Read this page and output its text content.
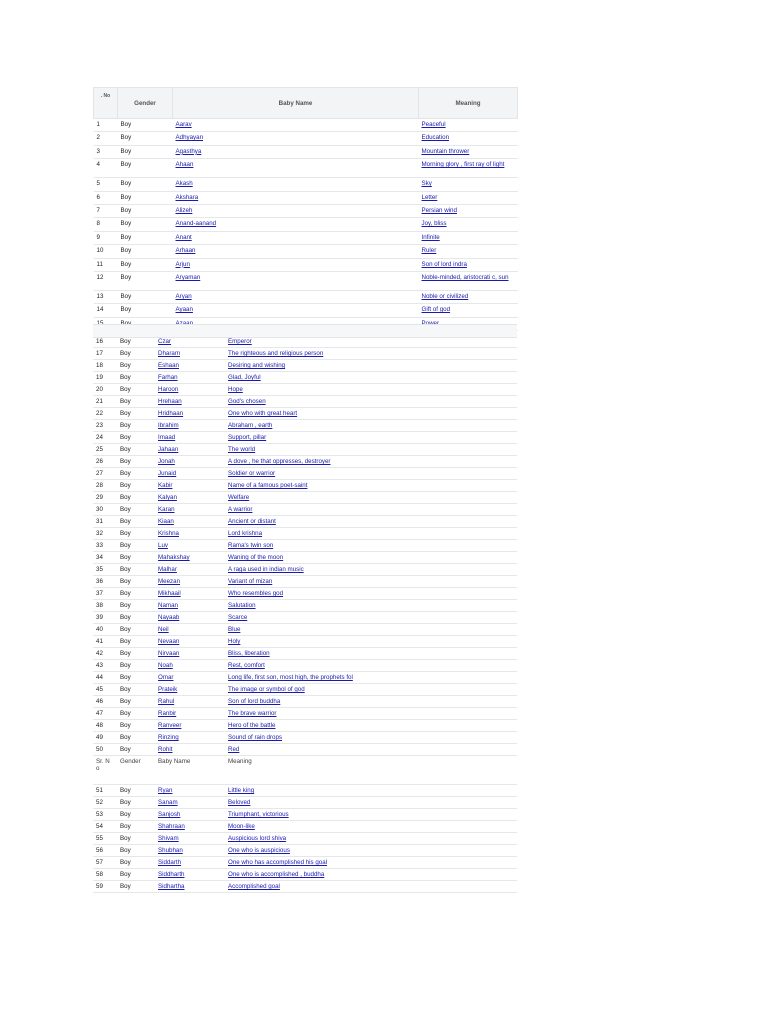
. No	Gender	Baby Name	Meaning
1	Boy	Aarav	Peaceful
2	Boy	Adhyayan	Education
3	Boy	Agasthya	Mountain thrower
4	Boy	Ahaan	Morning glory , first ray of light
5	Boy	Akash	Sky
6	Boy	Akshara	Letter
7	Boy	Alizeh	Persian wind
8	Boy	Anand-aanand	Joy, bliss
9	Boy	Anant	Infinite
10	Boy	Arhaan	Ruler
11	Boy	Arjun	Son of lord indra
12	Boy	Aryaman	Noble-minded, aristocrati c, sun
13	Boy	Aryan	Noble or civilized
14	Boy	Ayaan	Gift of god

16	Boy	Czar	Emperor
17	Boy	Dharam	The righteous and religious person
18	Boy	Eshaan	Desiring and wishing
19	Boy	Farhan	Glad, Joyful
20	Boy	Haroon	Hope
21	Boy	Hrehaan	God's chosen
22	Boy	Hridhaan	One who with great heart
23	Boy	Ibrahim	Abraham , earth
24	Boy	Imaad	Support, pillar
25	Boy	Jahaan	The world
26	Boy	Jonah	A dove , he that oppresses, destroyer
27	Boy	Junaid	Soldier or warrior
28	Boy	Kabir	Name of a famous poet-saint
29	Boy	Kalyan	Welfare
30	Boy	Karan	A warrior
31	Boy	Kiaan	Ancient or distant
32	Boy	Krishna	Lord krishna
33	Boy	Luv	Rama's twin son
34	Boy	Mahakshay	Waning of the moon
35	Boy	Malhar	A raga used in indian music
36	Boy	Meezan	Variant of mizan
37	Boy	Mikhaail	Who resembles god
38	Boy	Naman	Salutation
39	Boy	Nayaab	Scarce
40	Boy	Neil	Blue
41	Boy	Nevaan	Holy
42	Boy	Nirvaan	Bliss, liberation
43	Boy	Noah	Rest, comfort
44	Boy	Omar	Long life, first son, most high, the prophets fol
45	Boy	Prateik	The image or symbol of god
46	Boy	Rahul	Son of lord buddha
47	Boy	Ranbir	The brave warrior
48	Boy	Ranveer	Hero of the battle
49	Boy	Rinzing	Sound of rain drops
50	Boy	Rohit	Red
Sr. N o	Gender	Baby Name	Meaning
51	Boy	Ryan	Little king
52	Boy	Sanam	Beloved
53	Boy	Sanjosh	Triumphant, victorious
54	Boy	Shahraan	Moon-like
55	Boy	Shivam	Auspicious lord shiva
56	Boy	Shubhan	One who is auspicious
57	Boy	Siddarth	One who has accomplished his goal
58	Boy	Siddharth	One who is accomplished , buddha
59	Boy	Sidhartha	Accomplished goal
